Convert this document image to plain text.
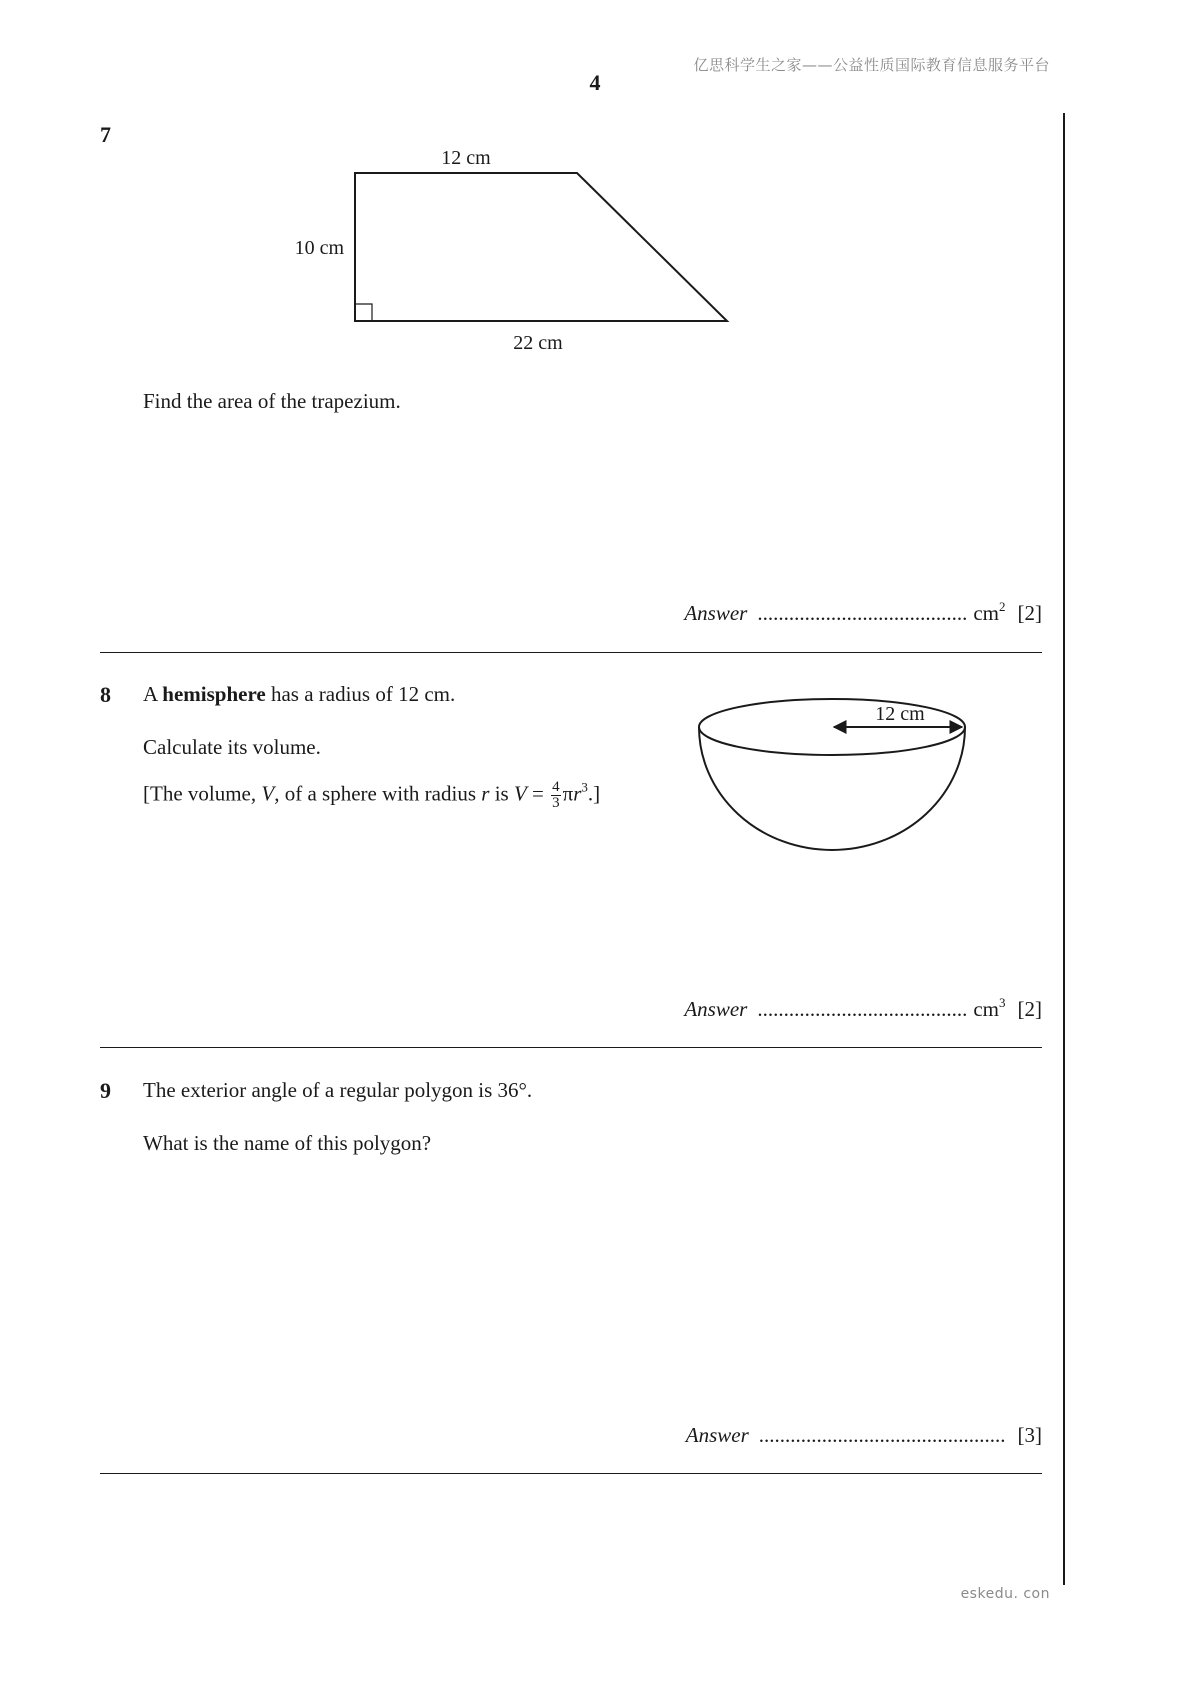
亿思科学生之家——公益性质国际教育信息服务平台
4
7
12 cm
10 cm
22 cm
Find the area of the trapezium.
Answer ........................................ $cm^2$ [2]
8 A hemisphere has a radius of 12 cm.
Calculate its volume.
[The volume, V, of a sphere with radius r is $V = \frac{4}{3} \pi r^3$.]
12 cm
Answer ........................................ $cm^3$ [2]
9 The exterior angle of a regular polygon is 36°.
What is the name of this polygon?
Answer ............................................... [3]
eskedu. con
